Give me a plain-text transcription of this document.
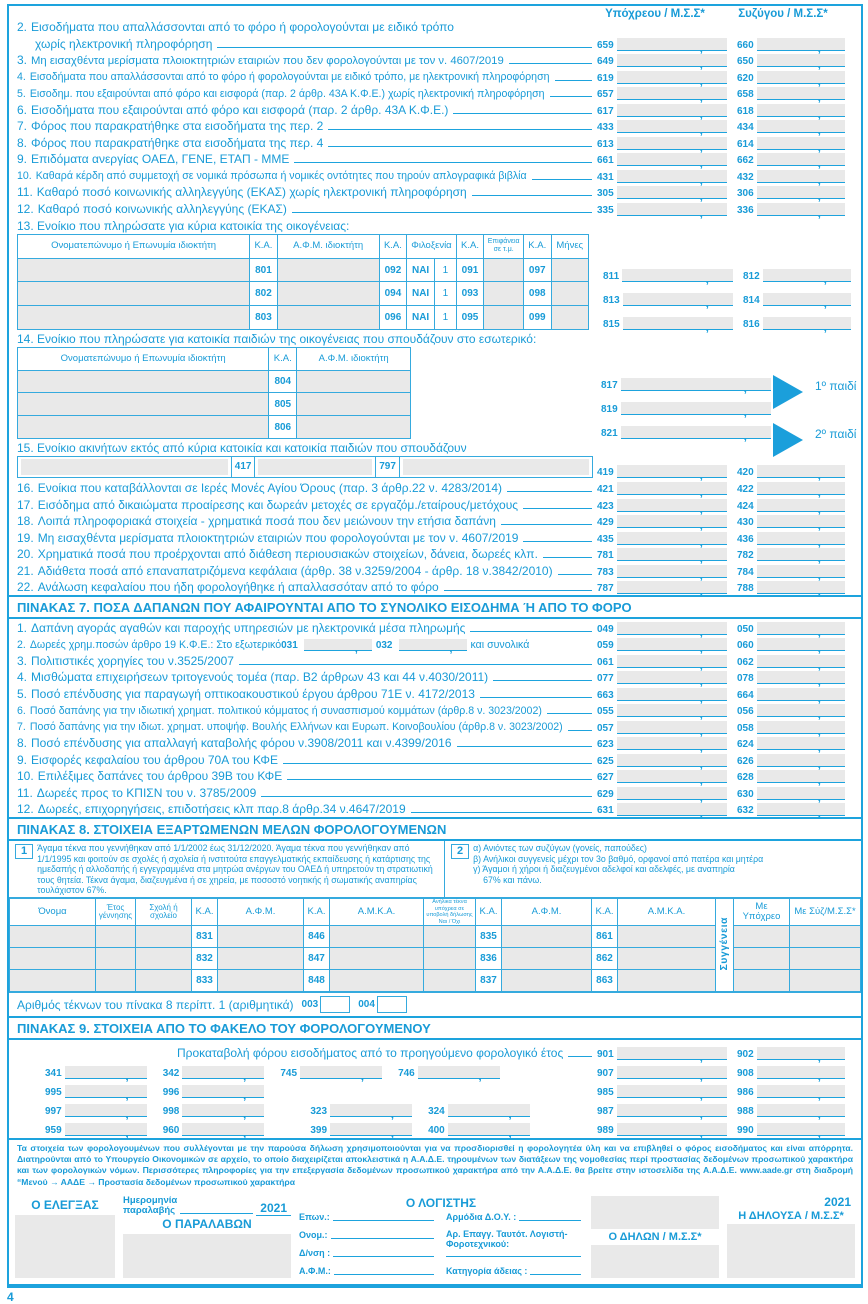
Υπόχρεου / Μ.Σ.Σ*	Συζύγου / Μ.Σ.Σ*
2. Εισοδήματα που απαλλάσσονται από το φόρο ή φορολογούνται με ειδικό τρόπο
χωρίς ηλεκτρονική πληροφόρηση	659 ,	660
,
3. Μη εισαχθέντα μερίσματα πλοιοκτητριών εταιριών που δεν φορολογούνται με τον ν. 4607/2019	649 ,	650
,
4. Εισοδήματα που απαλλάσσονται από το φόρο ή φορολογούνται με ειδικό τρόπο, με ηλεκτρονική πληροφόρηση	619 ,	620
,
5. Εισοδημ. που εξαιρούνται από φόρο και εισφορά (παρ. 2 άρθρ. 43Α Κ.Φ.Ε.) χωρίς ηλεκτρονική πληροφόρηση	657 ,	658
,
6. Εισοδήματα που εξαιρούνται από φόρο και εισφορά (παρ. 2 άρθρ. 43Α Κ.Φ.Ε.)	617 ,	618
,
7. Φόρος που παρακρατήθηκε στα εισοδήματα της περ. 2	433 ,	434
,
8. Φόρος που παρακρατήθηκε στα εισοδήματα της περ. 4	613 ,	614
,
9. Επιδόματα ανεργίας ΟΑΕΔ, ΓΕΝΕ, ΕΤΑΠ - ΜΜΕ	661 ,	662
,
10. Καθαρά κέρδη από συμμετοχή σε νομικά πρόσωπα ή νομικές οντότητες που τηρούν απλογραφικά βιβλία	431 ,	432
,
11. Καθαρό ποσό κοινωνικής αλληλεγγύης (ΕΚΑΣ) χωρίς ηλεκτρονική πληροφόρηση	305 ,	306
,
12. Καθαρό ποσό κοινωνικής αλληλεγγύης (ΕΚΑΣ)	335 ,	336
,
13. Ενοίκιο που πληρώσατε για κύρια κατοικία της οικογένειας:
Ονοματεπώνυμο ή Επωνυμία ιδιοκτήτη	Κ.Α.	Α.Φ.Μ. ιδιοκτήτη	Κ.Α.	Φιλοξενία		Κ.Α.	Επιφάνεια σε τ.μ.	Κ.Α.	Μήνες
	801		092	ΝΑΙ	1	091		097	
	802		094	ΝΑΙ	1	093		098	
	803		096	ΝΑΙ	1	095		099	
811 ,	812
,
813 ,	814
,
815 ,	816
,
14. Ενοίκιο που πληρώσατε για κατοικία παιδιών της οικογένειας που σπουδάζουν στο εσωτερικό:
Ονοματεπώνυμο ή Επωνυμία ιδιοκτήτη	Κ.Α.	Α.Φ.Μ. ιδιοκτήτη
	804	
	805	
	806	
817
,
819
,
821
,
1º παιδί
2º παιδί
15. Ενοίκιο ακινήτων εκτός από κύρια κατοικία και κατοικία παιδιών που σπουδάζουν
417	797	419 ,	420
,
16. Ενοίκια που καταβάλλονται σε Ιερές Μονές Αγίου Όρους (παρ. 3 άρθρ.22 ν. 4283/2014)	421 ,	422
,
17. Εισόδημα από δικαιώματα προαίρεσης και δωρεάν μετοχές σε εργαζόμ./εταίρους/μετόχους	423 ,	424
,
18. Λοιπά πληροφοριακά στοιχεία - χρηματικά ποσά που δεν μειώνουν την ετήσια δαπάνη	429 ,	430
,
19. Μη εισαχθέντα μερίσματα πλοιοκτητριών εταιριών που φορολογούνται με τον ν. 4607/2019	435 ,	436
,
20. Χρηματικά ποσά που προέρχονται από διάθεση περιουσιακών στοιχείων, δάνεια, δωρεές κλπ.	781 ,	782
,
21. Αδιάθετα ποσά από επαναπατριζόμενα κεφάλαια (άρθρ. 38 ν.3259/2004 - άρθρ. 18 ν.3842/2010)	783 ,	784
,
22. Ανάλωση κεφαλαίου που ήδη φορολογήθηκε ή απαλλασσόταν από το φόρο	787 ,	788
,
ΠΙΝΑΚΑΣ 7. ΠΟΣΑ ΔΑΠΑΝΩΝ ΠΟΥ ΑΦΑΙΡΟΥΝΤΑΙ ΑΠΟ ΤΟ ΣΥΝΟΛΙΚΟ ΕΙΣΟΔΗΜΑ Ή ΑΠΟ ΤΟ ΦΟΡΟ
1. Δαπάνη αγοράς αγαθών και παροχής υπηρεσιών με ηλεκτρονικά μέσα πληρωμής	049 ,	050
,
2. Δωρεές χρημ.ποσών άρθρο 19 Κ.Φ.Ε.: Στο εξωτερικό 031 ,	032 ,	και συνολικά	059 ,	060
,
3. Πολιτιστικές χορηγίες του ν.3525/2007	061 ,	062
,
4. Μισθώματα επιχειρήσεων τριτογενούς τομέα (παρ. Β2 άρθρων 43 και 44 ν.4030/2011)	077 ,	078
,
5. Ποσό επένδυσης για παραγωγή οπτικοακουστικού έργου άρθρου 71Ε ν. 4172/2013	663 ,	664
,
6. Ποσό δαπάνης για την ιδιωτική χρηματ. πολιτικού κόμματος ή συνασπισμού κομμάτων (άρθρ.8 ν. 3023/2002)	055 ,	056
,
7. Ποσό δαπάνης για την ιδιωτ. χρηματ. υποψήφ. Βουλής Ελλήνων και Ευρωπ. Κοινοβουλίου (άρθρ.8 ν. 3023/2002)	057 ,	058
,
8. Ποσό επένδυσης για απαλλαγή καταβολής φόρου ν.3908/2011 και ν.4399/2016	623 ,	624
,
9. Εισφορές κεφαλαίου του άρθρου 70Α του ΚΦΕ	625 ,	626
,
10. Επιλέξιμες δαπάνες του άρθρου 39Β του ΚΦΕ	627 ,	628
,
11. Δωρεές προς το ΚΠΙΣΝ του ν. 3785/2009	629 ,	630
,
12. Δωρεές, επιχορηγήσεις, επιδοτήσεις κλπ παρ.8 άρθρ.34 ν.4647/2019	631 ,	632
,
ΠΙΝΑΚΑΣ 8. ΣΤΟΙΧΕΙΑ ΕΞΑΡΤΩΜΕΝΩΝ ΜΕΛΩΝ ΦΟΡΟΛΟΓΟΥΜΕΝΩΝ
1	Άγαμα τέκνα που γεννήθηκαν από 1/1/2002 έως 31/12/2020. Άγαμα τέκνα που γεννήθηκαν από 1/1/1995 και φοιτούν σε σχολές ή σχολεία ή ινστιτούτα επαγγελματικής εκπαίδευσης ή κατάρτισης της ημεδαπής ή αλλοδαπής ή εγγεγραμμένα στα μητρώα ανέργων του ΟΑΕΔ ή υπηρετούν τη στρατιωτική τους θητεία. Τέκνα άγαμα, διαζευγμένα ή σε χηρεία, με ποσοστό νοητικής ή σωματικής αναπηρίας τουλάχιστον 67%.
2	α) Ανιόντες των συζύγων (γονείς, παπούδες)
β) Ανήλικοι συγγενείς μέχρι τον 3ο βαθμό, ορφανοί από πατέρα και μητέρα
γ) Άγαμοι ή χήροι ή διαζευγμένοι αδελφοί και αδελφές, με αναπηρία
67% και πάνω.
Όνομα	Έτος γέννησης	Σχολή ή σχολείο	Κ.Α.	Α.Φ.Μ.	Κ.Α.	Α.Μ.Κ.Α.	Ανήλικα τέκνα υπόχρεα σε υποβολή δήλωσης Ναι / Όχι	Κ.Α.	Α.Φ.Μ.	Κ.Α.	Α.Μ.Κ.Α.	Συγγένεια	Με Υπόχρεο	Με Σύζ/Μ.Σ.Σ*
			831		846			835		861				
			832		847			836		862				
			833		848			837		863				
Αριθμός τέκνων του πίνακα 8 περίπτ. 1 (αριθμητικά) 003	004
ΠΙΝΑΚΑΣ 9. ΣΤΟΙΧΕΙΑ ΑΠΟ ΤΟ ΦΑΚΕΛΟ ΤΟΥ ΦΟΡΟΛΟΓΟΥΜΕΝΟΥ
Προκαταβολή φόρου εισοδήματος από το προηγούμενο φορολογικό έτος	901 ,	902
,
341 ,	342 ,	745 ,	746 ,	907 ,	908
,
995 ,	996 ,	985 ,	986
,
997 ,	998 ,	323 ,	324 ,	987 ,	988
,
959 ,	960 ,	399 ,	400 ,	989 ,	990
,
Τα στοιχεία των φορολογουμένων που συλλέγονται με την παρούσα δήλωση χρησιμοποιούνται για να προσδιορισθεί η φορολογητέα ύλη και να επιβληθεί ο φόρος εισοδήματος και είναι απόρρητα. Διατηρούνται από το Υπουργείο Οικονομικών σε αρχείο, το οποίο διαχειρίζεται αποκλειστικά η Α.Α.Δ.Ε. τηρουμένων των διατάξεων της νομοθεσίας περί προστασίας δεδομένων προσωπικού χαρακτήρα και των φορολογικών νόμων. Περισσότερες πληροφορίες για την επεξεργασία δεδομένων προσωπικού χαρακτήρα από την Α.Α.Δ.Ε. θα βρείτε στην ιστοσελίδα της Α.Α.Δ.Ε. www.aade.gr στη διαδρομή “Μενού → ΑΑΔΕ → Προστασία δεδομένων προσωπικού χαρακτήρα
Ο ΕΛΕΓΞΑΣ	Ημερομηνία
παραλαβής	2021
Ο ΠΑΡΑΛΑΒΩΝ
Ο ΛΟΓΙΣΤΗΣ
Επων.:
Ονομ.:
Δ/νση :
Α.Φ.Μ.:
Αρμόδια Δ.Ο.Υ. :
Αρ. Επαγγ. Ταυτότ. Λογιστή-Φοροτεχνικού:
Κατηγορία άδειας :
Ο ΔΗΛΩΝ / Μ.Σ.Σ*
2021
Η ΔΗΛΟΥΣΑ / Μ.Σ.Σ*
4
